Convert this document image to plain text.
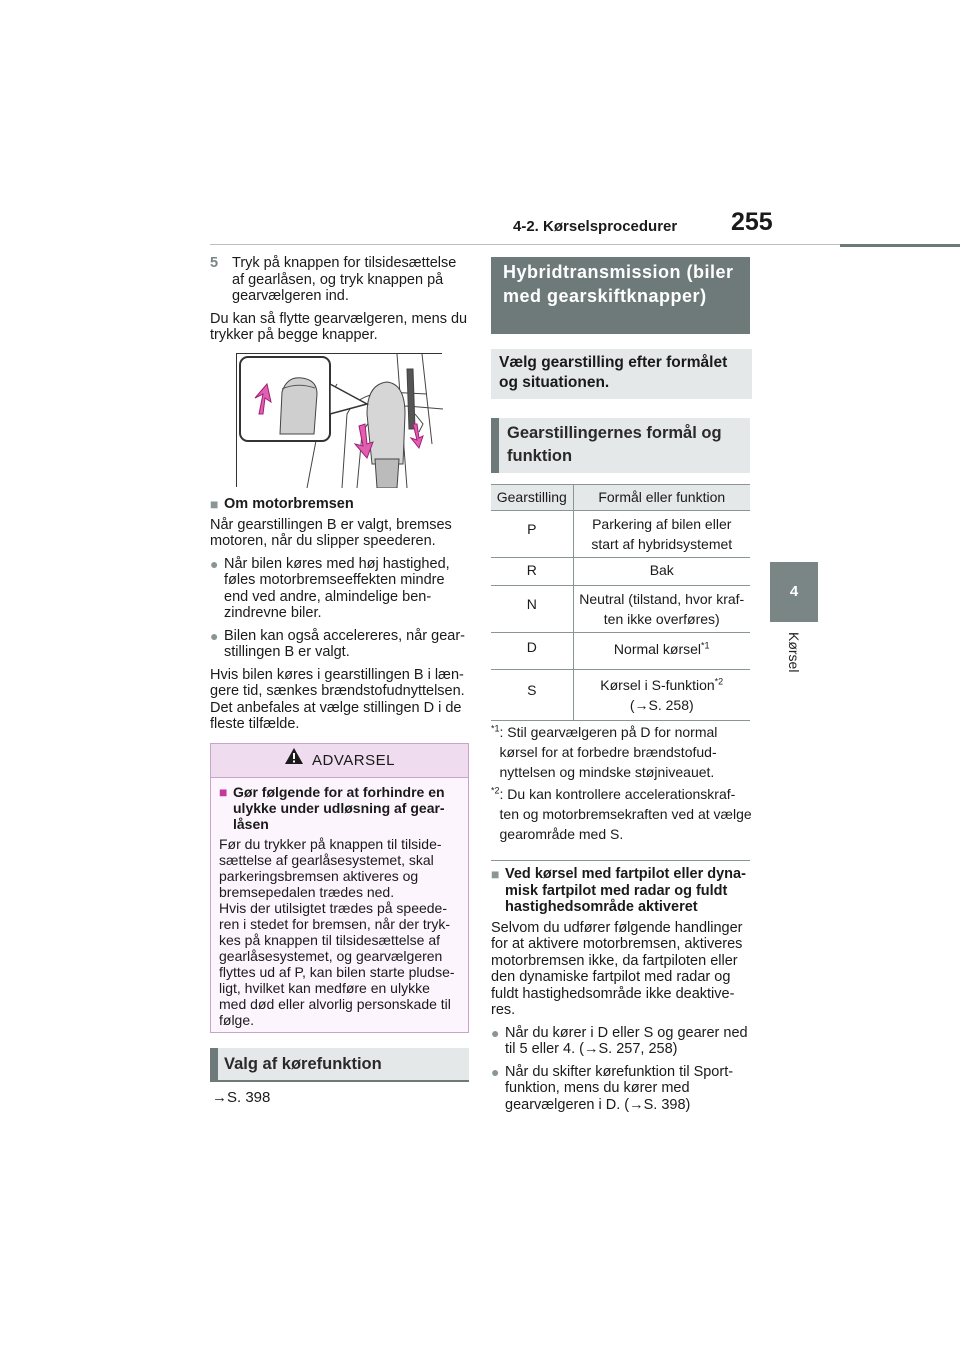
4-2. Kørselsprocedurer 255
4
Kørsel
5 Tryk på knappen for tilsidesættelse af gearlåsen, og tryk knappen på gearvælgeren ind.

Du kan så flytte gearvælgeren, mens du trykker på begge knapper.

■ Om motorbremsen

Når gearstillingen B er valgt, bremses motoren, når du slipper speederen.

● Når bilen køres med høj hastighed, føles motorbremseeffekten mindre end ved andre, almindelige ben-zindrevne biler.
● Bilen kan også accelereres, når gear-stillingen B er valgt.

Hvis bilen køres i gearstillingen B i læn-gere tid, sænkes brændstofudnyttelsen. Det anbefales at vælge stillingen D i de fleste tilfælde.

ADVARSEL
■ Gør følgende for at forhindre en ulykke under udløsning af gear-låsen
Før du trykker på knappen til tilside-sættelse af gearlåsesystemet, skal parkeringsbremsen aktiveres og bremsepedalen trædes ned.
Hvis der utilsigtet trædes på speede-ren i stedet for bremsen, når der tryk-kes på knappen til tilsidesættelse af gearlåsesystemet, og gearvælgeren flyttes ud af P, kan bilen starte pludse-ligt, hvilket kan medføre en ulykke med død eller alvorlig personskade til følge.
Valg af kørefunktion
→S. 398
Hybridtransmission (biler med gearskiftknapper)
Vælg gearstilling efter formålet og situationen.
Gearstillingernes formål og funktion
Gearstilling	Formål eller funktion
P	Parkering af bilen eller start af hybridsystemet
R	Bak
N	Neutral (tilstand, hvor kraf-ten ikke overføres)
D	Normal kørsel$^{*1}$
S	Kørsel i S-funktion$^{*2}$
(→S. 258)
$^{*1}$ : Stil gearvælgeren på D for normal kørsel for at forbedre brændstofud-nyttelsen og mindske støjniveauet.
$^{*2}$ : Du kan kontrollere accelerationskraf-ten og motorbremsekraften ved at vælge gearområde med S.
■ Ved kørsel med fartpilot eller dyna-misk fartpilot med radar og fuldt hastighedsområde aktiveret

Selvom du udfører følgende handlinger for at aktivere motorbremsen, aktiveres motorbremsen ikke, da fartpiloten eller den dynamiske fartpilot med radar og fuldt hastighedsområde ikke deaktive-res.

● Når du kører i D eller S og gearer ned til 5 eller 4. (→S. 257, 258)
● Når du skifter kørefunktion til Sport-funktion, mens du kører med gearvælgeren i D. (→S. 398)
